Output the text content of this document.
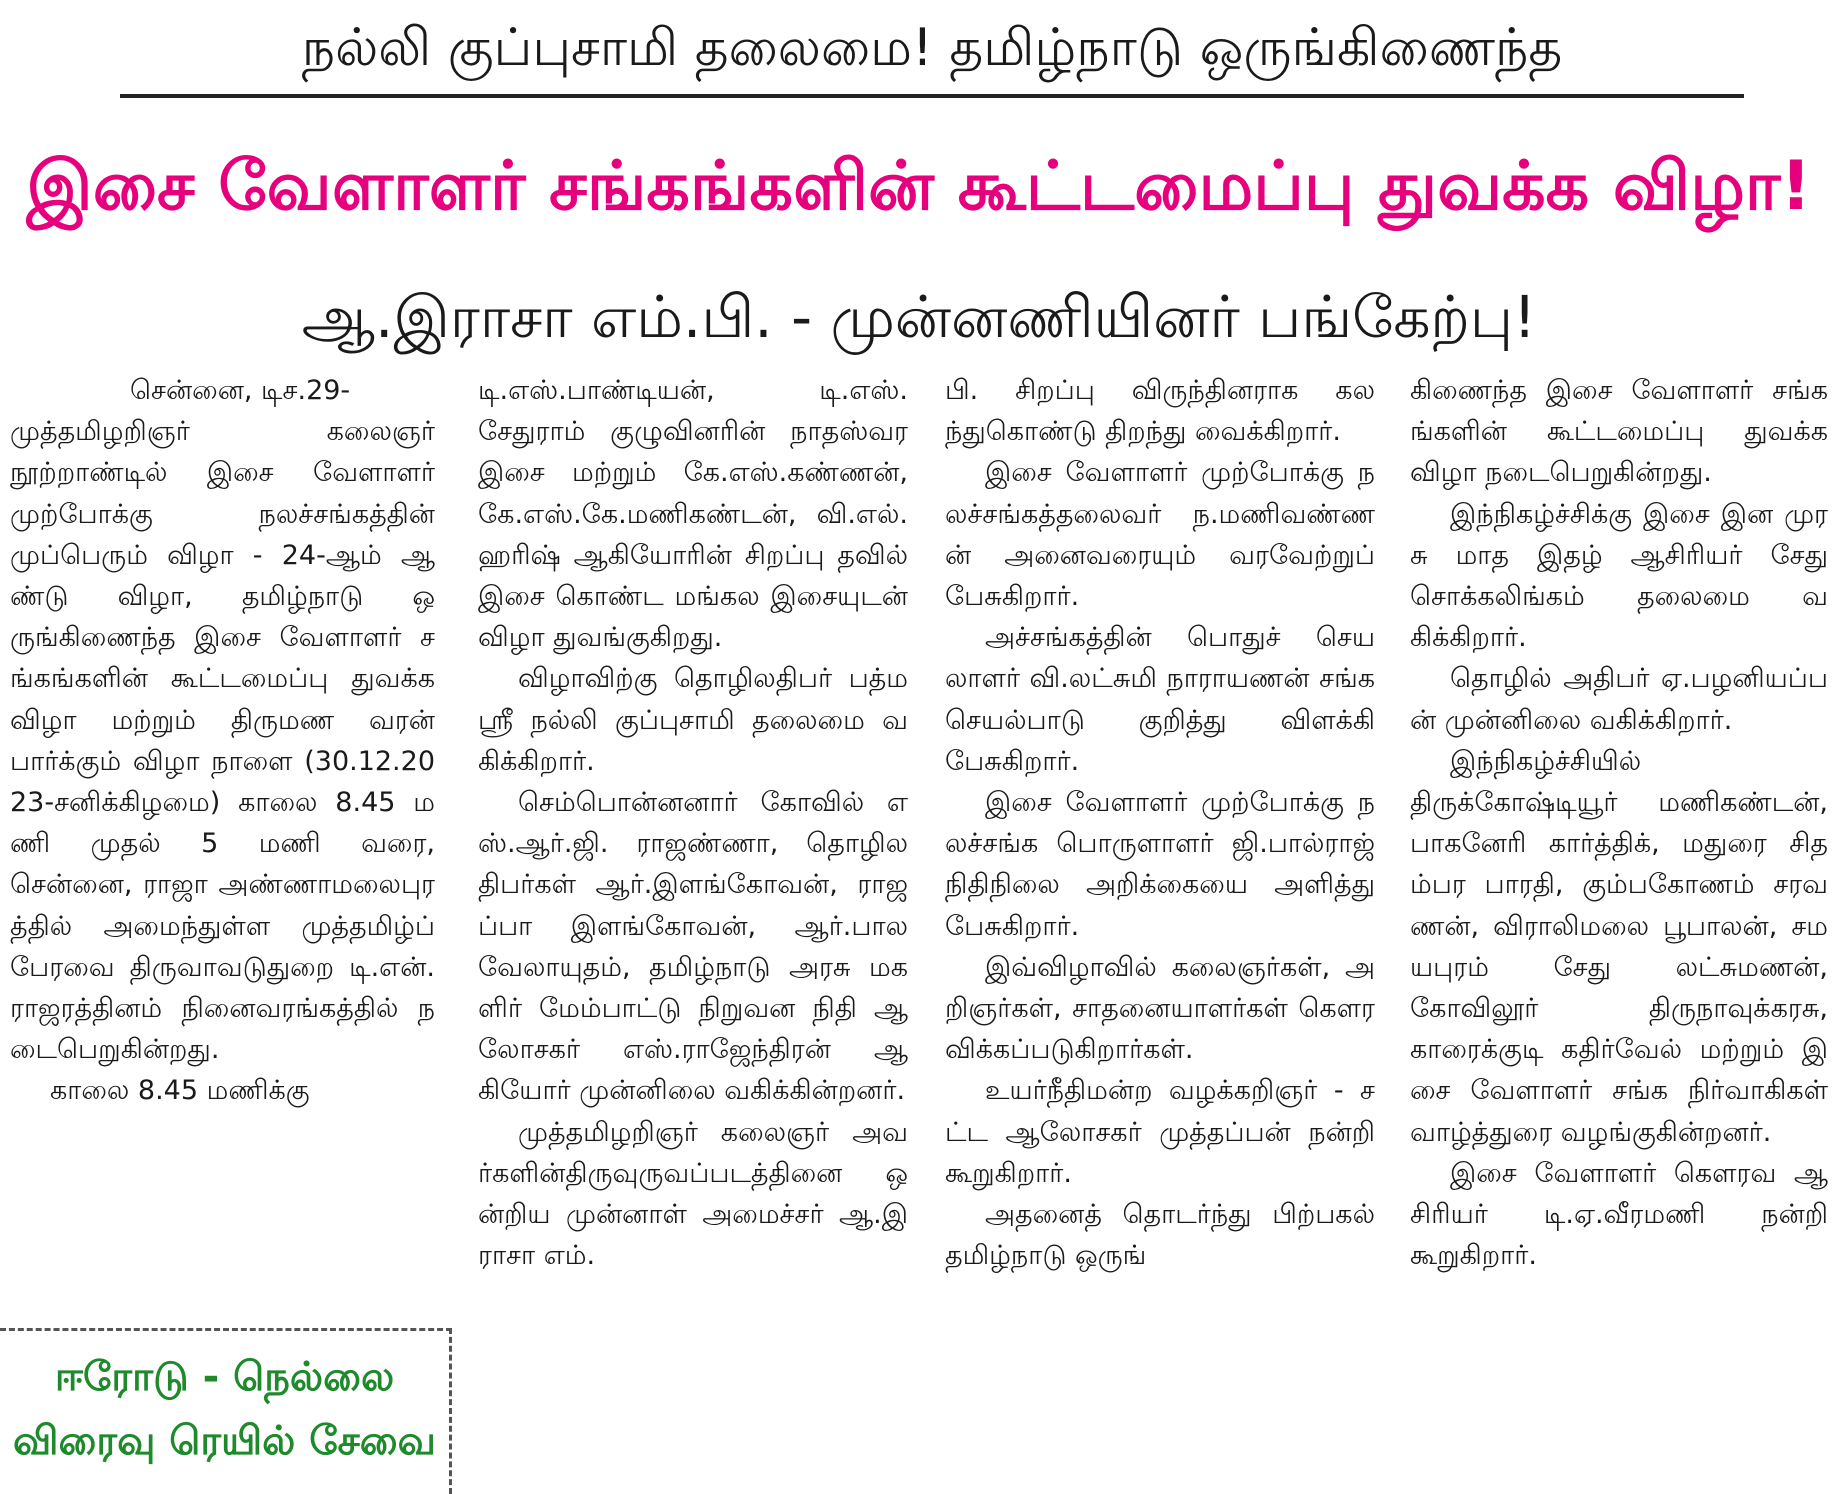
நல்லி குப்புசாமி தலைமை! தமிழ்நாடு ஒருங்கிணைந்த
இசை வேளாளர் சங்கங்களின் கூட்டமைப்பு துவக்க விழா!
ஆ.இராசா எம்.பி. - முன்னணியினர் பங்கேற்பு!

சென்னை, டிச.29-

முத்தமிழறிஞர் கலைஞர் நூற்றாண்டில் இசை வேளாளர் முற்போக்கு நலச்சங்கத்தின் முப்பெரும் விழா - 24-ஆம் ஆண்டு விழா, தமிழ்நாடு ஒருங்கிணைந்த இசை வேளாளர் சங்கங்களின் கூட்டமைப்பு துவக்க விழா மற்றும் திருமண வரன் பார்க்கும் விழா நாளை (30.12.2023-சனிக்கிழமை) காலை 8.45 மணி முதல் 5 மணி வரை, சென்னை, ராஜா அண்ணாமலைபுரத்தில் அமைந்துள்ள முத்தமிழ்ப் பேரவை திருவாவடுதுறை டி.என்.ராஜரத்தினம் நினைவரங்கத்தில் நடைபெறுகின்றது.

காலை 8.45 மணிக்கு

டி.எஸ்.பாண்டியன், டி.எஸ்.சேதுராம் குழுவினரின் நாதஸ்வர இசை மற்றும் கே.எஸ்.கண்ணன், கே.எஸ்.கே.மணிகண்டன், வி.எல்.ஹரிஷ் ஆகியோரின் சிறப்பு தவில் இசை கொண்ட மங்கல இசையுடன் விழா துவங்குகிறது.

விழாவிற்கு தொழிலதிபர் பத்மஸ்ரீ நல்லி குப்புசாமி தலைமை வகிக்கிறார்.

செம்பொன்னனார் கோவில் எஸ்.ஆர்.ஜி. ராஜண்ணா, தொழிலதிபர்கள் ஆர்.இளங்கோவன், ராஜப்பா இளங்கோவன், ஆர்.பாலவேலாயுதம், தமிழ்நாடு அரசு மகளிர் மேம்பாட்டு நிறுவன நிதி ஆலோசகர் எஸ்.ராஜேந்திரன் ஆகியோர் முன்னிலை வகிக்கின்றனர்.

முத்தமிழறிஞர் கலைஞர் அவர்களின்திருவுருவப்படத்தினை ஒன்றிய முன்னாள் அமைச்சர் ஆ.இராசா எம்.

பி. சிறப்பு விருந்தினராக கலந்துகொண்டு திறந்து வைக்கிறார்.

இசை வேளாளர் முற்போக்கு நலச்சங்கத்தலைவர் ந.மணிவண்ணன் அனைவரையும் வரவேற்றுப் பேசுகிறார்.

அச்சங்கத்தின் பொதுச் செயலாளர் வி.லட்சுமி நாராயணன் சங்க செயல்பாடு குறித்து விளக்கி பேசுகிறார்.

இசை வேளாளர் முற்போக்கு நலச்சங்க பொருளாளர் ஜி.பால்ராஜ் நிதிநிலை அறிக்கையை அளித்து பேசுகிறார்.

இவ்விழாவில் கலைஞர்கள், அறிஞர்கள், சாதனையாளர்கள் கௌரவிக்கப்படுகிறார்கள்.

உயர்நீதிமன்ற வழக்கறிஞர் - சட்ட ஆலோசகர் முத்தப்பன் நன்றி கூறுகிறார்.

அதனைத் தொடர்ந்து பிற்பகல் தமிழ்நாடு ஒருங்

கிணைந்த இசை வேளாளர் சங்கங்களின் கூட்டமைப்பு துவக்க விழா நடைபெறுகின்றது.

இந்நிகழ்ச்சிக்கு இசை இன முரசு மாத இதழ் ஆசிரியர் சேது சொக்கலிங்கம் தலைமை வகிக்கிறார்.

தொழில் அதிபர் ஏ.பழனியப்பன் முன்னிலை வகிக்கிறார்.

இந்நிகழ்ச்சியில் திருக்கோஷ்டியூர் மணிகண்டன், பாகனேரி கார்த்திக், மதுரை சிதம்பர பாரதி, கும்பகோணம் சரவணன், விராலிமலை பூபாலன், சமயபுரம் சேது லட்சுமணன், கோவிலூர் திருநாவுக்கரசு, காரைக்குடி கதிர்வேல் மற்றும் இசை வேளாளர் சங்க நிர்வாகிகள் வாழ்த்துரை வழங்குகின்றனர்.

இசை வேளாளர் கௌரவ ஆசிரியர் டி.ஏ.வீரமணி நன்றி கூறுகிறார்.

ஈரோடு - நெல்லை
விரைவு ரெயில் சேவை
